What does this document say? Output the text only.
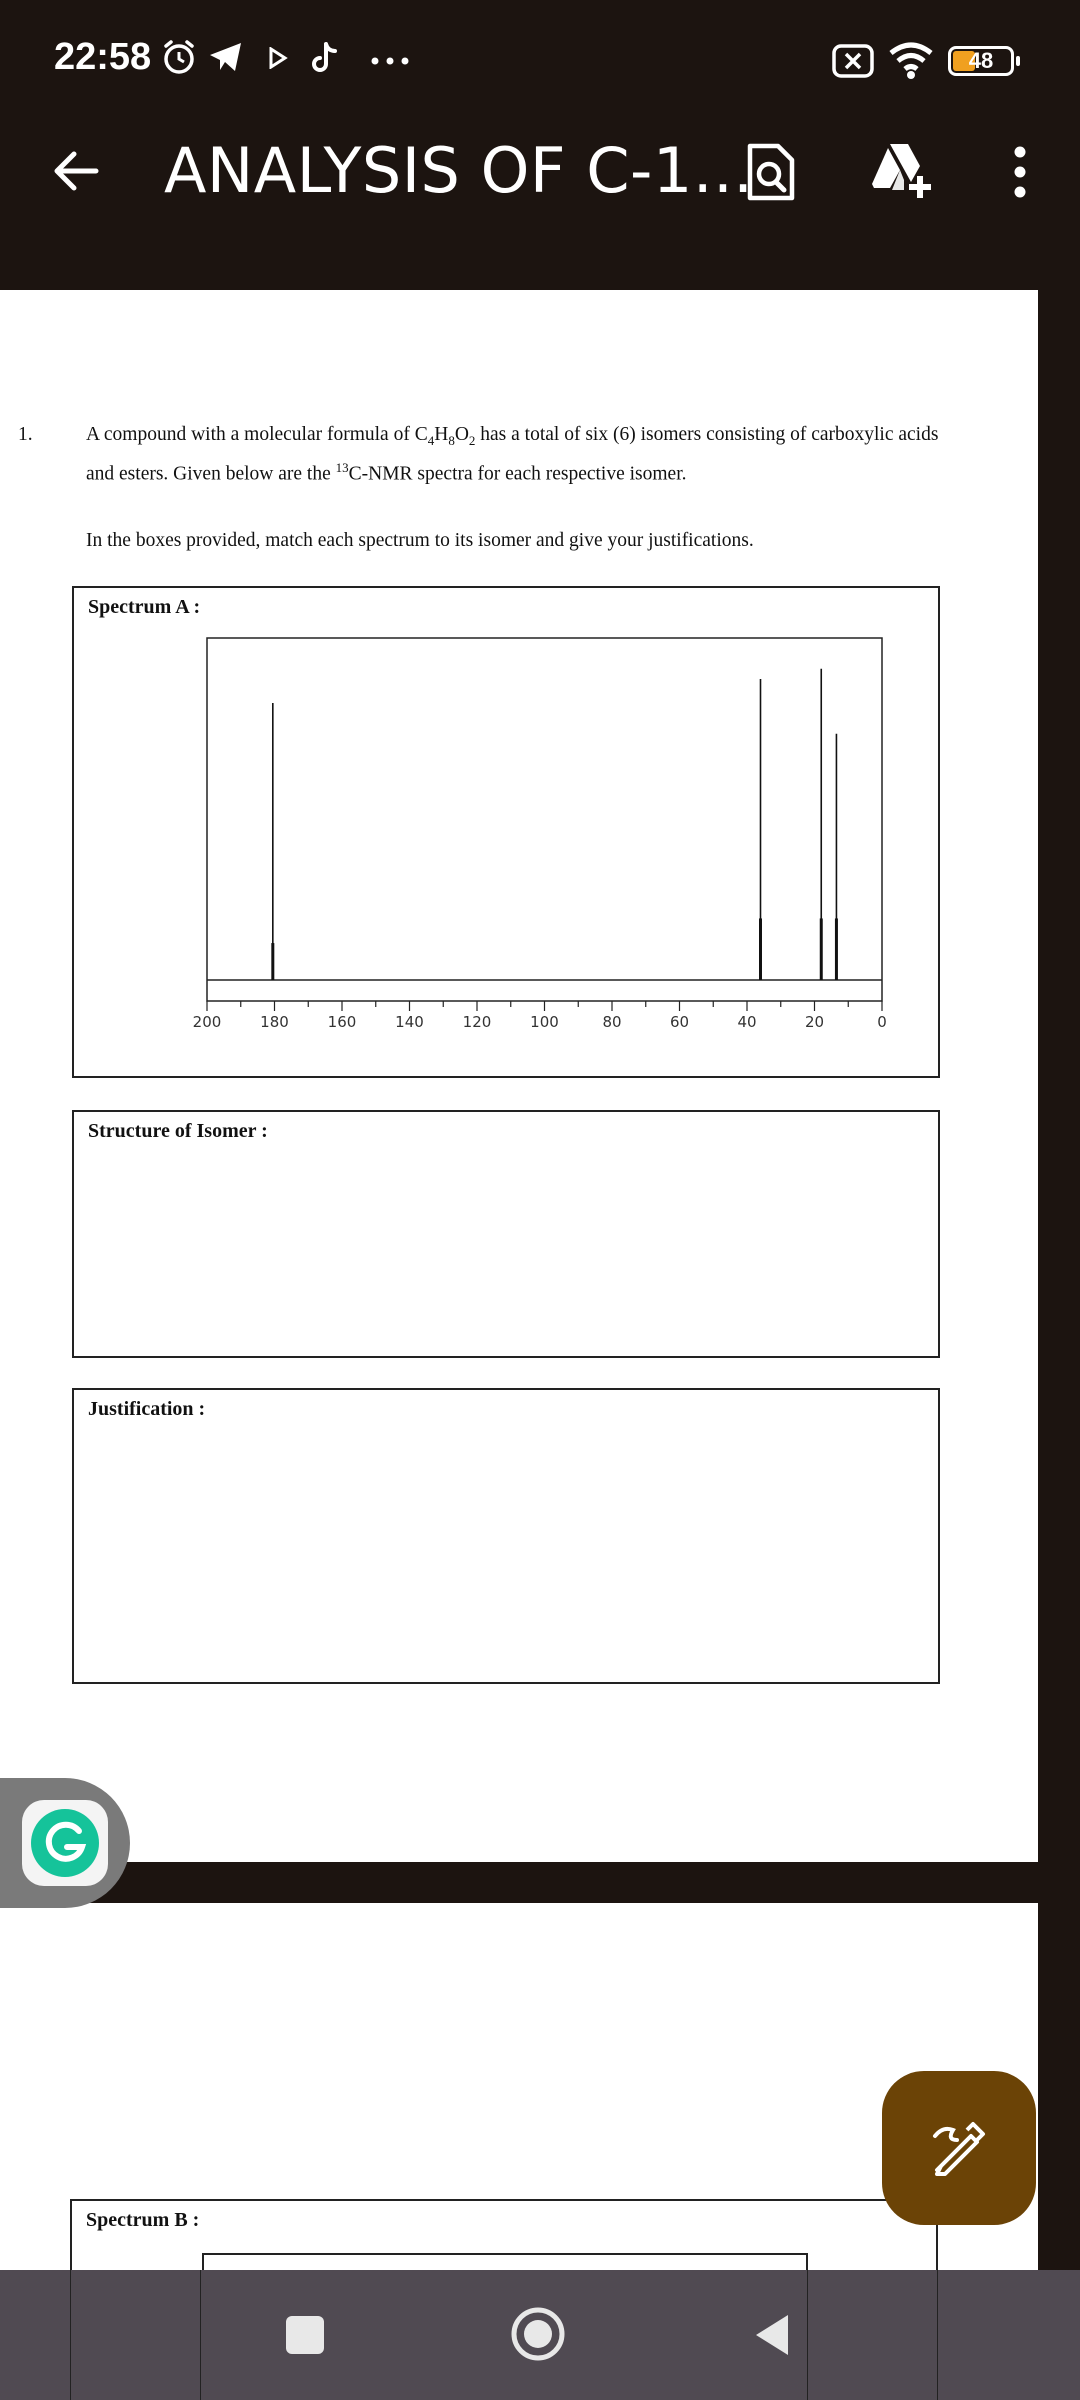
22:58	48
ANALYSIS OF C-1...
1.	A compound with a molecular formula of $C_4H_8O_2$ has a total of six (6) isomers consisting of carboxylic acids
and esters. Given below are the $^{13}$C-NMR spectra for each respective isomer.
In the boxes provided, match each spectrum to its isomer and give your justifications.
Spectrum A :
200	180	160	140	120	100	80	60	40	20	0
Structure of Isomer :
Justification :
Spectrum B :
